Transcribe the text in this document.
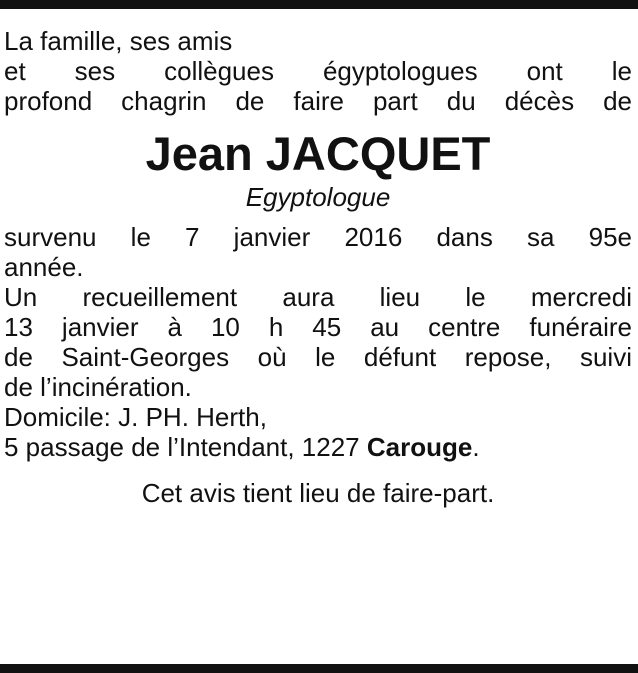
La famille, ses amis
et ses collègues égyptologues ont le
profond chagrin de faire part du décès de
Jean JACQUET
Egyptologue
survenu le 7 janvier 2016 dans sa 95e
année.
Un recueillement aura lieu le mercredi
13 janvier à 10 h 45 au centre funéraire
de Saint-Georges où le défunt repose, suivi
de l’incinération.
Domicile: J. PH. Herth,
5 passage de l’Intendant, 1227 Carouge.
Cet avis tient lieu de faire-part.
